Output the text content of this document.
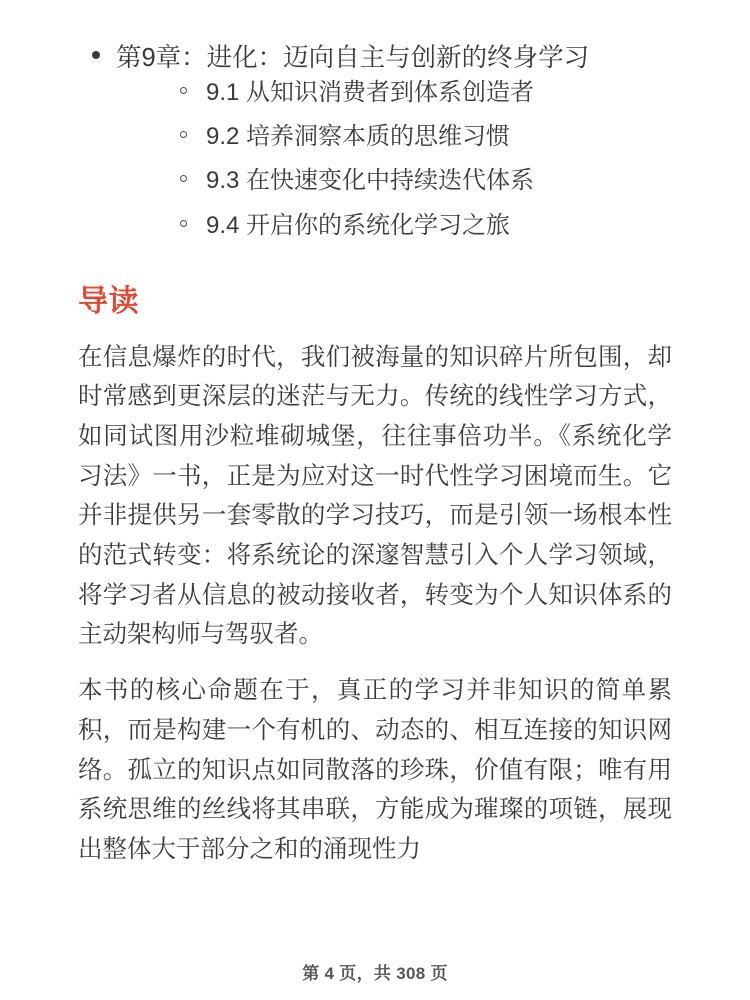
第9章：进化：迈向自主与创新的终身学习
9.1 从知识消费者到体系创造者
9.2 培养洞察本质的思维习惯
9.3 在快速变化中持续迭代体系
9.4 开启你的系统化学习之旅
导读

在信息爆炸的时代，我们被海量的知识碎片所包围，却时常感到更深层的迷茫与无力。传统的线性学习方式，如同试图用沙粒堆砌城堡，往往事倍功半。《系统化学习法》一书，正是为应对这一时代性学习困境而生。它并非提供另一套零散的学习技巧，而是引领一场根本性的范式转变：将系统论的深邃智慧引入个人学习领域，将学习者从信息的被动接收者，转变为个人知识体系的主动架构师与驾驭者。

本书的核心命题在于，真正的学习并非知识的简单累积，而是构建一个有机的、动态的、相互连接的知识网络。孤立的知识点如同散落的珍珠，价值有限；唯有用系统思维的丝线将其串联，方能成为璀璨的项链，展现出整体大于部分之和的涌现性力

第 4 页，共 308 页
